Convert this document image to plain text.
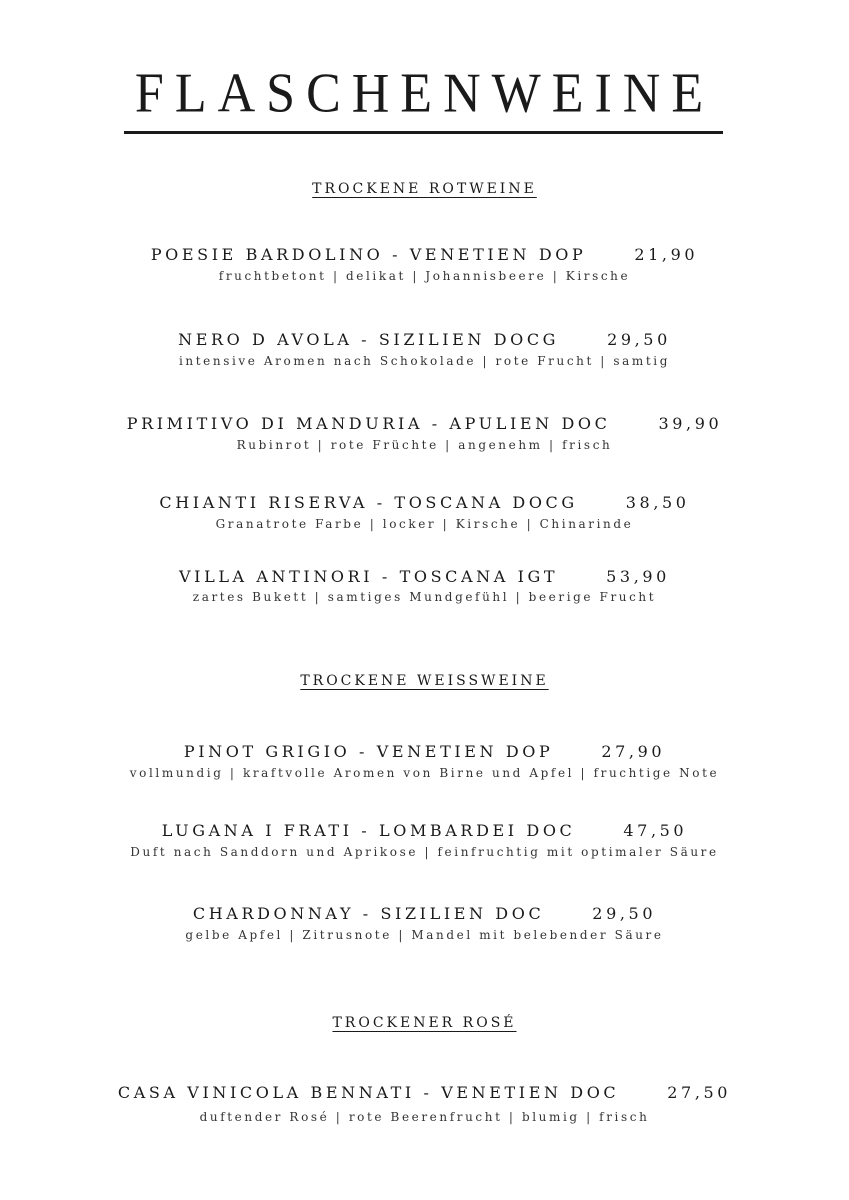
FLASCHENWEINE
TROCKENE ROTWEINE
POESIE BARDOLINO - VENETIEN DOP	21,90
fruchtbetont | delikat | Johannisbeere | Kirsche
NERO D AVOLA - SIZILIEN DOCG	29,50
intensive Aromen nach Schokolade | rote Frucht | samtig
PRIMITIVO DI MANDURIA - APULIEN DOC	39,90
Rubinrot | rote Früchte | angenehm | frisch
CHIANTI RISERVA - TOSCANA DOCG	38,50
Granatrote Farbe | locker | Kirsche | Chinarinde
VILLA ANTINORI - TOSCANA IGT	53,90
zartes Bukett | samtiges Mundgefühl | beerige Frucht
TROCKENE WEISSWEINE
PINOT GRIGIO - VENETIEN DOP	27,90
vollmundig | kraftvolle Aromen von Birne und Apfel | fruchtige Note
LUGANA I FRATI - LOMBARDEI DOC	47,50
Duft nach Sanddorn und Aprikose | feinfruchtig mit optimaler Säure
CHARDONNAY - SIZILIEN DOC	29,50
gelbe Apfel | Zitrusnote | Mandel mit belebender Säure
TROCKENER ROSÉ
CASA VINICOLA BENNATI - VENETIEN DOC	27,50
duftender Rosé | rote Beerenfrucht | blumig | frisch
